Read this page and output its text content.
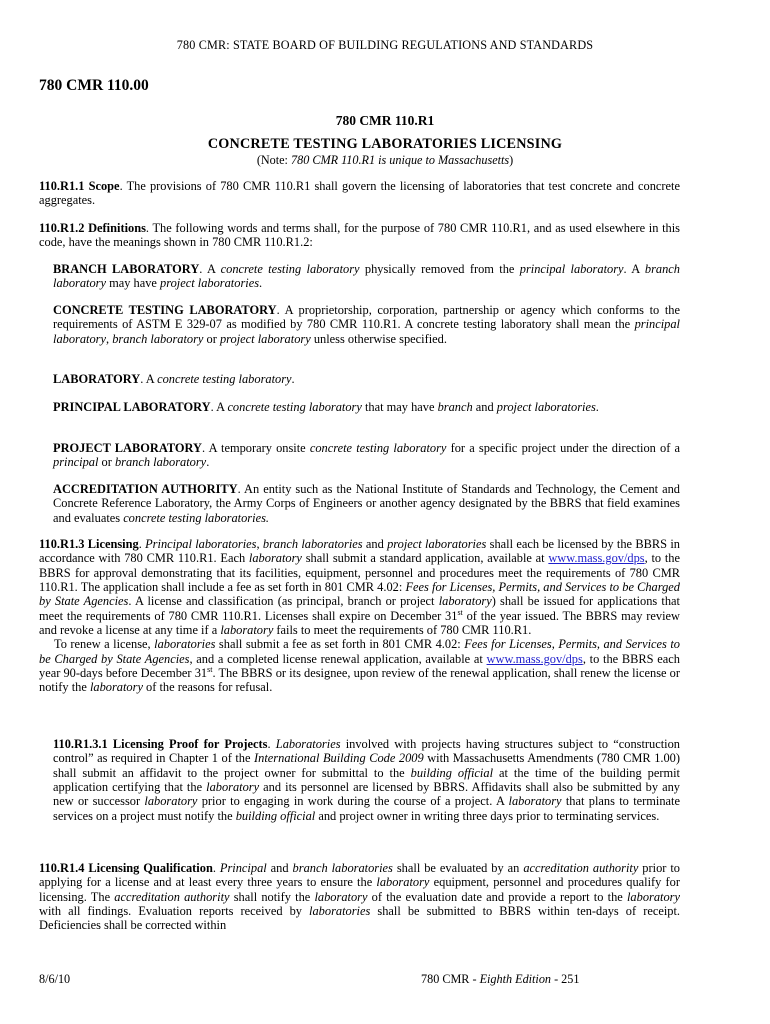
780 CMR: STATE BOARD OF BUILDING REGULATIONS AND STANDARDS
780 CMR 110.00
780 CMR 110.R1
CONCRETE TESTING LABORATORIES LICENSING
(Note: 780 CMR 110.R1 is unique to Massachusetts)

110.R1.1 Scope. The provisions of 780 CMR 110.R1 shall govern the licensing of laboratories that test concrete and concrete aggregates.

110.R1.2 Definitions. The following words and terms shall, for the purpose of 780 CMR 110.R1, and as used elsewhere in this code, have the meanings shown in 780 CMR 110.R1.2:

BRANCH LABORATORY. A concrete testing laboratory physically removed from the principal laboratory. A branch laboratory may have project laboratories.

CONCRETE TESTING LABORATORY. A proprietorship, corporation, partnership or agency which conforms to the requirements of ASTM E 329-07 as modified by 780 CMR 110.R1. A concrete testing laboratory shall mean the principal laboratory, branch laboratory or project laboratory unless otherwise specified.

LABORATORY. A concrete testing laboratory.

PRINCIPAL LABORATORY. A concrete testing laboratory that may have branch and project laboratories.

PROJECT LABORATORY. A temporary onsite concrete testing laboratory for a specific project under the direction of a principal or branch laboratory.

ACCREDITATION AUTHORITY. An entity such as the National Institute of Standards and Technology, the Cement and Concrete Reference Laboratory, the Army Corps of Engineers or another agency designated by the BBRS that field examines and evaluates concrete testing laboratories.

110.R1.3 Licensing. Principal laboratories, branch laboratories and project laboratories shall each be licensed by the BBRS in accordance with 780 CMR 110.R1. Each laboratory shall submit a standard application, available at www.mass.gov/dps, to the BBRS for approval demonstrating that its facilities, equipment, personnel and procedures meet the requirements of 780 CMR 110.R1. The application shall include a fee as set forth in 801 CMR 4.02: Fees for Licenses, Permits, and Services to be Charged by State Agencies. A license and classification (as principal, branch or project laboratory) shall be issued for applications that meet the requirements of 780 CMR 110.R1. Licenses shall expire on December 31st of the year issued. The BBRS may review and revoke a license at any time if a laboratory fails to meet the requirements of 780 CMR 110.R1.

To renew a license, laboratories shall submit a fee as set forth in 801 CMR 4.02: Fees for Licenses, Permits, and Services to be Charged by State Agencies, and a completed license renewal application, available at www.mass.gov/dps, to the BBRS each year 90-days before December 31st. The BBRS or its designee, upon review of the renewal application, shall renew the license or notify the laboratory of the reasons for refusal.

110.R1.3.1 Licensing Proof for Projects. Laboratories involved with projects having structures subject to “construction control” as required in Chapter 1 of the International Building Code 2009 with Massachusetts Amendments (780 CMR 1.00) shall submit an affidavit to the project owner for submittal to the building official at the time of the building permit application certifying that the laboratory and its personnel are licensed by BBRS. Affidavits shall also be submitted by any new or successor laboratory prior to engaging in work during the course of a project. A laboratory that plans to terminate services on a project must notify the building official and project owner in writing three days prior to terminating services.

110.R1.4 Licensing Qualification. Principal and branch laboratories shall be evaluated by an accreditation authority prior to applying for a license and at least every three years to ensure the laboratory equipment, personnel and procedures qualify for licensing. The accreditation authority shall notify the laboratory of the evaluation date and provide a report to the laboratory with all findings. Evaluation reports received by laboratories shall be submitted to BBRS within ten-days of receipt. Deficiencies shall be corrected within

8/6/10	780 CMR - Eighth Edition - 251
